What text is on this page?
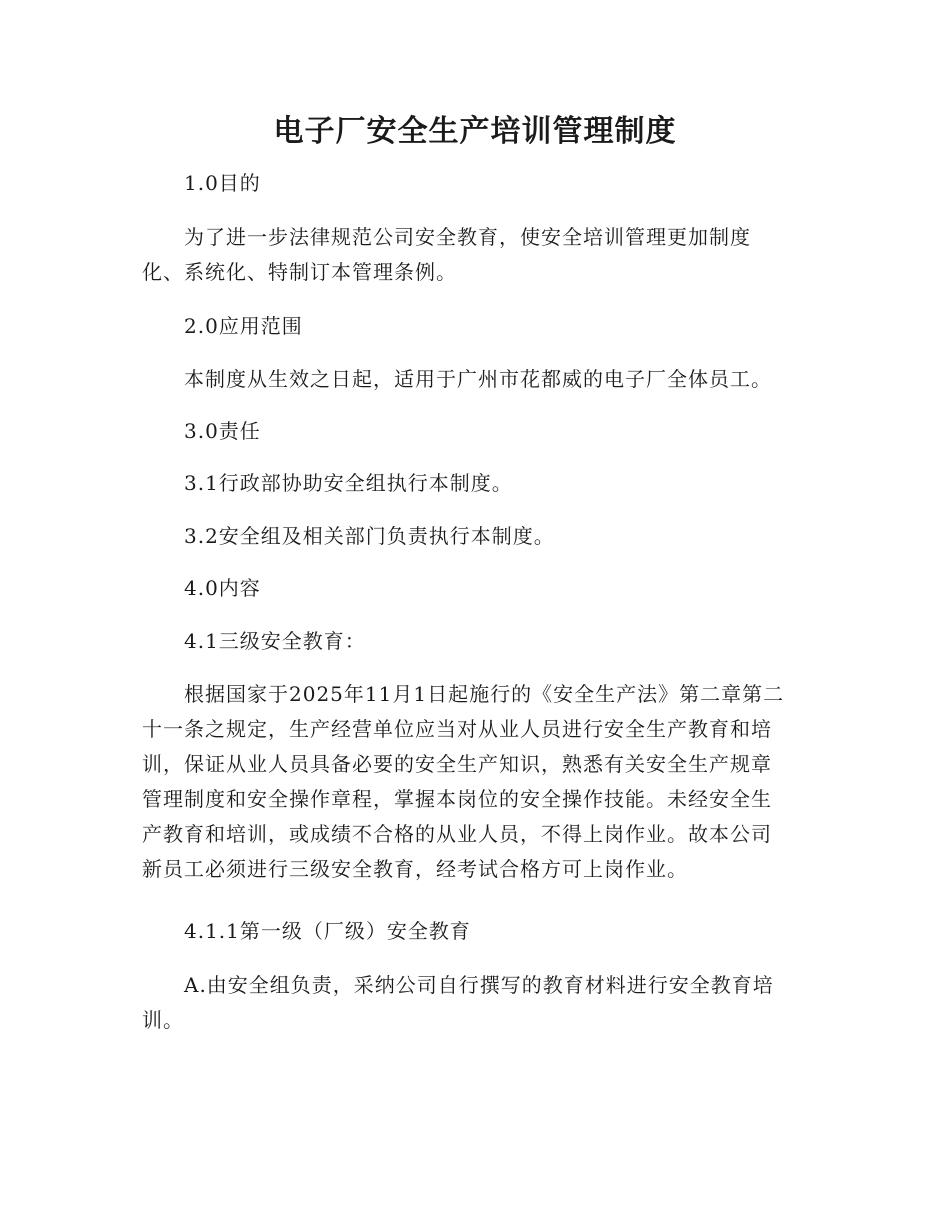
电子厂安全生产培训管理制度

1.0目的

为了进一步法律规范公司安全教育，使安全培训管理更加制度

化、系统化、特制订本管理条例。

2.0应用范围

本制度从生效之日起，适用于广州市花都威的电子厂全体员工。

3.0责任

3.1行政部协助安全组执行本制度。

3.2安全组及相关部门负责执行本制度。

4.0内容

4.1三级安全教育：

根据国家于2025年11月1日起施行的《安全生产法》第二章第二

十一条之规定，生产经营单位应当对从业人员进行安全生产教育和培

训，保证从业人员具备必要的安全生产知识，熟悉有关安全生产规章

管理制度和安全操作章程，掌握本岗位的安全操作技能。未经安全生

产教育和培训，或成绩不合格的从业人员，不得上岗作业。故本公司

新员工必须进行三级安全教育，经考试合格方可上岗作业。

4.1.1第一级（厂级）安全教育

A.由安全组负责，采纳公司自行撰写的教育材料进行安全教育培

训。
